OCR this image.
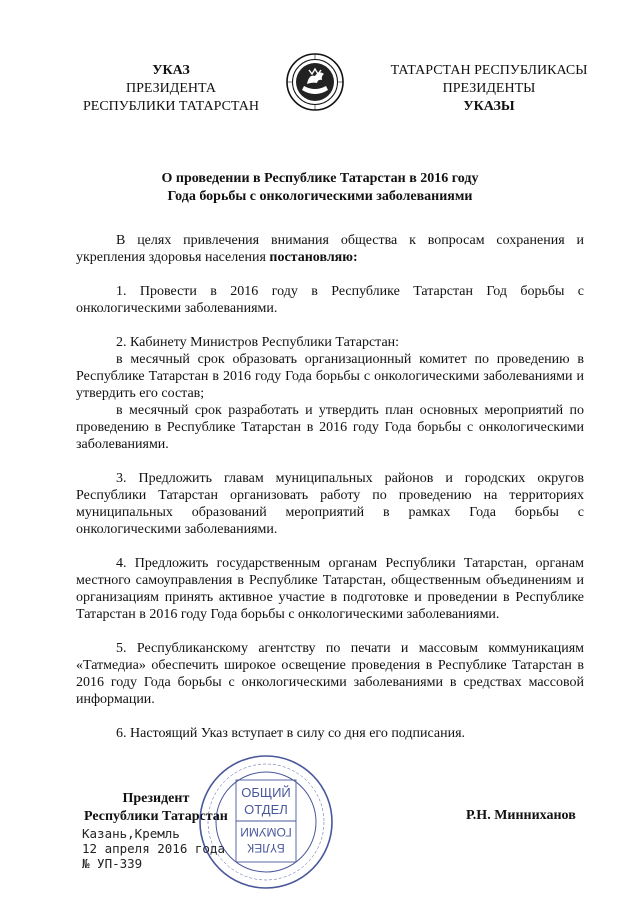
УКАЗ
ПРЕЗИДЕНТА
РЕСПУБЛИКИ ТАТАРСТАН
ТАТАРСТАН РЕСПУБЛИКАСЫ
ПРЕЗИДЕНТЫ
УКАЗЫ
О проведении в Республике Татарстан в 2016 году
Года борьбы с онкологическими заболеваниями

В целях привлечения внимания общества к вопросам сохранения и укрепления здоровья населения постановляю:

1. Провести в 2016 году в Республике Татарстан Год борьбы с онкологическими заболеваниями.

2. Кабинету Министров Республики Татарстан:

в месячный срок образовать организационный комитет по проведению в Республике Татарстан в 2016 году Года борьбы с онкологическими заболеваниями и утвердить его состав;

в месячный срок разработать и утвердить план основных мероприятий по проведению в Республике Татарстан в 2016 году Года борьбы с онкологическими заболеваниями.

3. Предложить главам муниципальных районов и городских округов Республики Татарстан организовать работу по проведению на территориях муниципальных образований мероприятий в рамках Года борьбы с онкологическими заболеваниями.

4. Предложить государственным органам Республики Татарстан, органам местного самоуправления в Республике Татарстан, общественным объединениям и организациям принять активное участие в подготовке и проведении в Республике Татарстан в 2016 году Года борьбы с онкологическими заболеваниями.

5. Республиканскому агентству по печати и массовым коммуникациям «Татмедиа» обеспечить широкое освещение проведения в Республике Татарстан в 2016 году Года борьбы с онкологическими заболеваниями в средствах массовой информации.

6. Настоящий Указ вступает в силу со дня его подписания.

Президент
Республики Татарстан	Р.Н. Минниханов
Казань,Кремль
12 апреля 2016 года
№ УП-339
ОБЩИЙ
ОТДЕЛ
БҮЛЕК
ГОМУМИ
